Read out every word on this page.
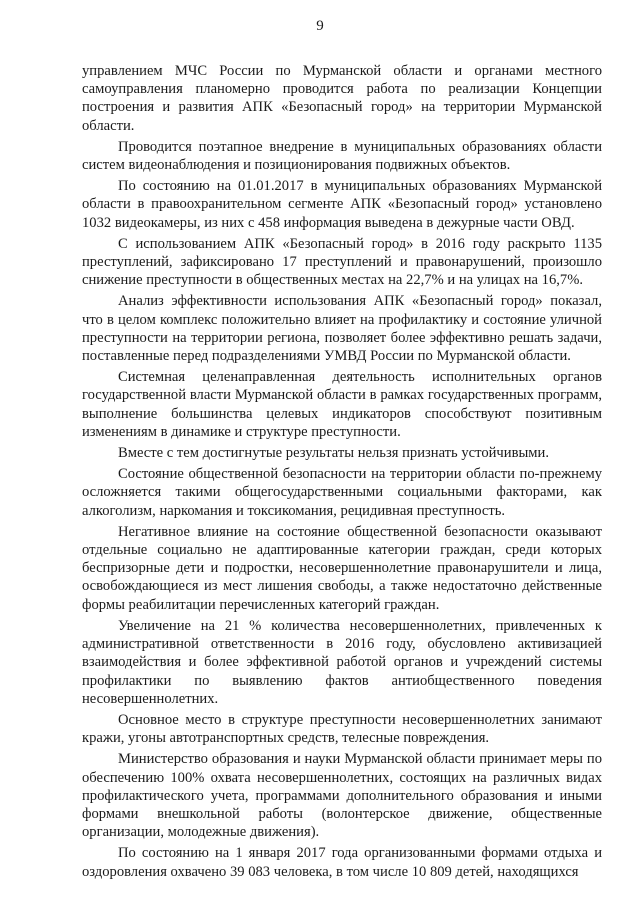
9

управлением МЧС России по Мурманской области и органами местного самоуправления планомерно проводится работа по реализации Концепции построения и развития АПК «Безопасный город» на территории Мурманской области.

Проводится поэтапное внедрение в муниципальных образованиях области систем видеонаблюдения и позиционирования подвижных объектов.

По состоянию на 01.01.2017 в муниципальных образованиях Мурманской области в правоохранительном сегменте АПК «Безопасный город» установлено 1032 видеокамеры, из них с 458 информация выведена в дежурные части ОВД.

С использованием АПК «Безопасный город» в 2016 году раскрыто 1135 преступлений, зафиксировано 17 преступлений и правонарушений, произошло снижение преступности в общественных местах на 22,7% и на улицах на 16,7%.

Анализ эффективности использования АПК «Безопасный город» показал, что в целом комплекс положительно влияет на профилактику и состояние уличной преступности на территории региона, позволяет более эффективно решать задачи, поставленные перед подразделениями УМВД России по Мурманской области.

Системная целенаправленная деятельность исполнительных органов государственной власти Мурманской области в рамках государственных программ, выполнение большинства целевых индикаторов способствуют позитивным изменениям в динамике и структуре преступности.

Вместе с тем достигнутые результаты нельзя признать устойчивыми.

Состояние общественной безопасности на территории области по-прежнему осложняется такими общегосударственными социальными факторами, как алкоголизм, наркомания и токсикомания, рецидивная преступность.

Негативное влияние на состояние общественной безопасности оказывают отдельные социально не адаптированные категории граждан, среди которых беспризорные дети и подростки, несовершеннолетние правонарушители и лица, освобождающиеся из мест лишения свободы, а также недостаточно действенные формы реабилитации перечисленных категорий граждан.

Увеличение на 21 % количества несовершеннолетних, привлеченных к административной ответственности в 2016 году, обусловлено активизацией взаимодействия и более эффективной работой органов и учреждений системы профилактики по выявлению фактов антиобщественного поведения несовершеннолетних.

Основное место в структуре преступности несовершеннолетних занимают кражи, угоны автотранспортных средств, телесные повреждения.

Министерство образования и науки Мурманской области принимает меры по обеспечению 100% охвата несовершеннолетних, состоящих на различных видах профилактического учета, программами дополнительного образования и иными формами внешкольной работы (волонтерское движение, общественные организации, молодежные движения).

По состоянию на 1 января 2017 года организованными формами отдыха и оздоровления охвачено 39 083 человека, в том числе 10 809 детей, находящихся
